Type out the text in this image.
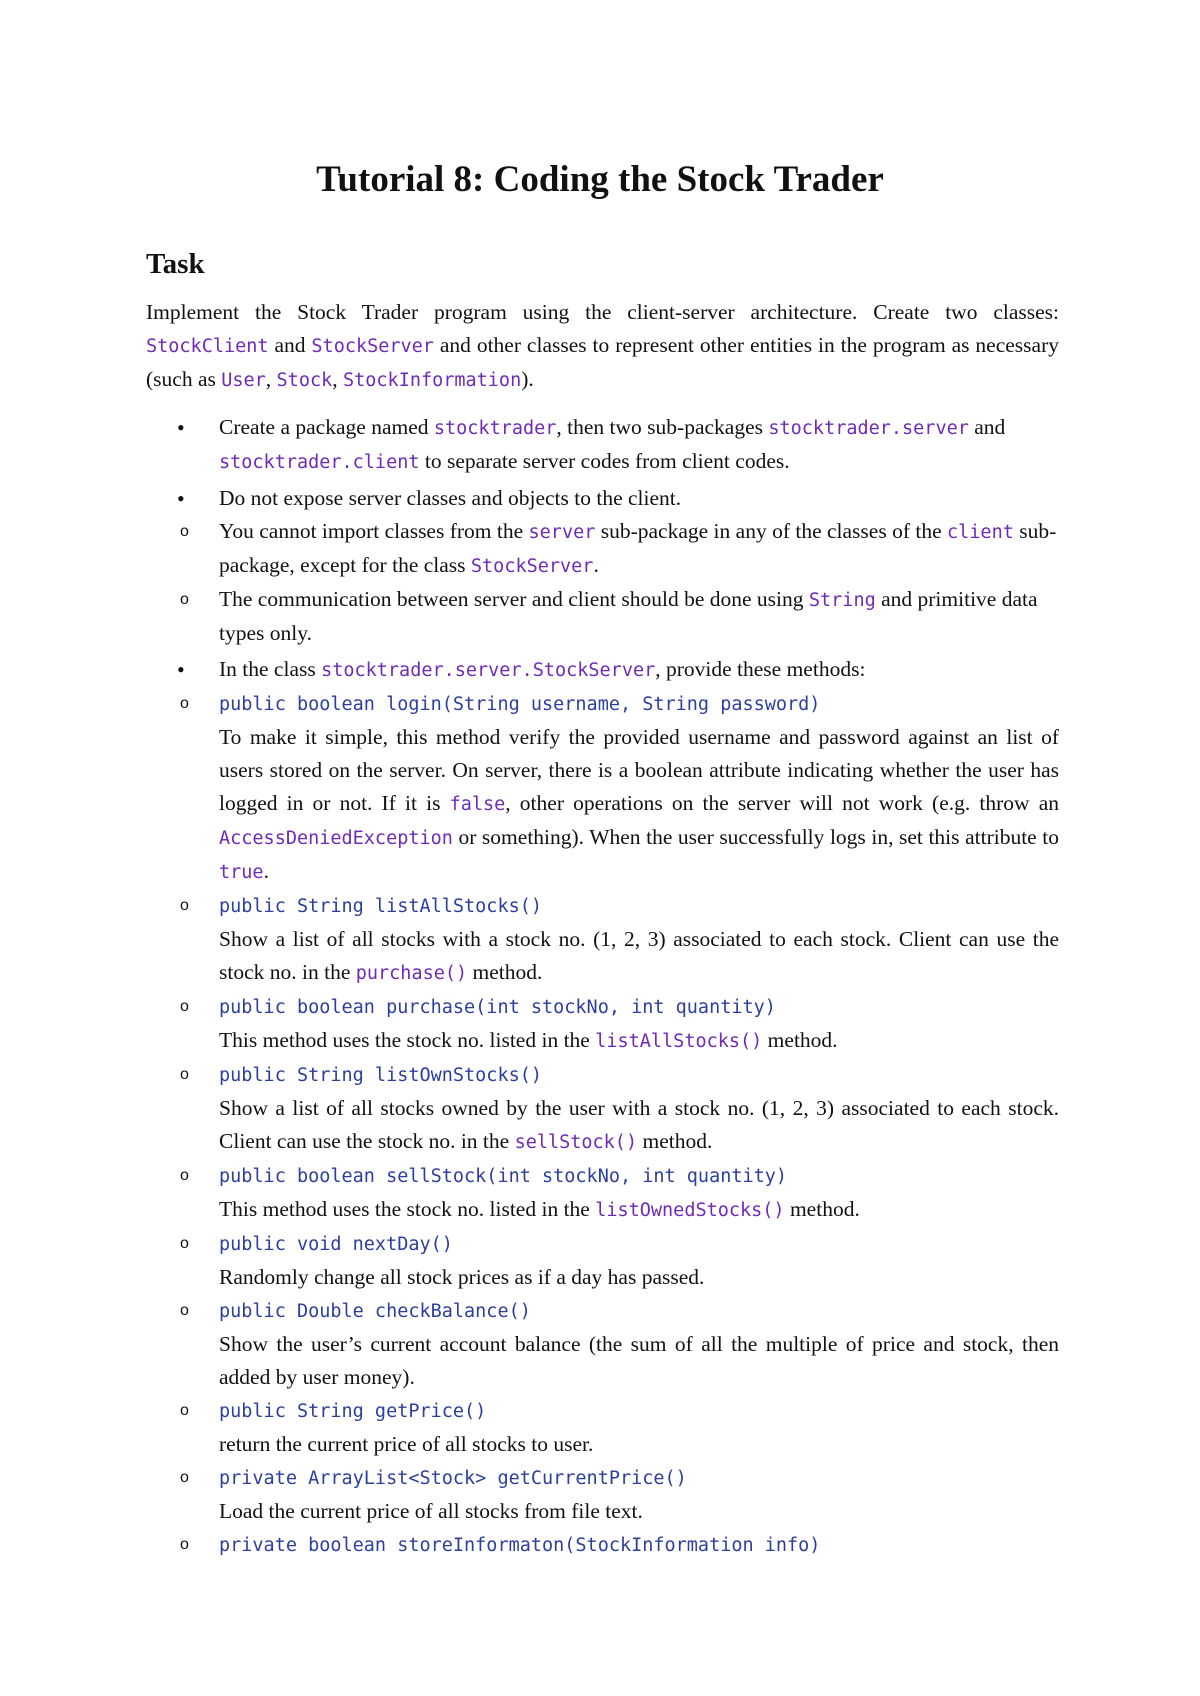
Tutorial 8: Coding the Stock Trader
Task

Implement the Stock Trader program using the client-server architecture. Create two classes: StockClient and StockServer and other classes to represent other entities in the program as necessary (such as User, Stock, StockInformation).

• Create a package named stocktrader, then two sub-packages stocktrader.server and stocktrader.client to separate server codes from client codes.
• Do not expose server classes and objects to the client.
o You cannot import classes from the server sub-package in any of the classes of the client sub-package, except for the class StockServer.
o The communication between server and client should be done using String and primitive data types only.
• In the class stocktrader.server.StockServer, provide these methods:
o public boolean login(String username, String password)

To make it simple, this method verify the provided username and password against an list of users stored on the server. On server, there is a boolean attribute indicating whether the user has logged in or not. If it is false, other operations on the server will not work (e.g. throw an AccessDeniedException or something). When the user successfully logs in, set this attribute to true.
o public String listAllStocks()

Show a list of all stocks with a stock no. (1, 2, 3) associated to each stock. Client can use the stock no. in the purchase() method.
o public boolean purchase(int stockNo, int quantity)

This method uses the stock no. listed in the listAllStocks() method.
o public String listOwnStocks()

Show a list of all stocks owned by the user with a stock no. (1, 2, 3) associated to each stock. Client can use the stock no. in the sellStock() method.
o public boolean sellStock(int stockNo, int quantity)

This method uses the stock no. listed in the listOwnedStocks() method.
o public void nextDay()

Randomly change all stock prices as if a day has passed.
o public Double checkBalance()

Show the user’s current account balance (the sum of all the multiple of price and stock, then added by user money).
o public String getPrice()

return the current price of all stocks to user.
o private ArrayList<Stock> getCurrentPrice()

Load the current price of all stocks from file text.
o private boolean storeInformaton(StockInformation info)
